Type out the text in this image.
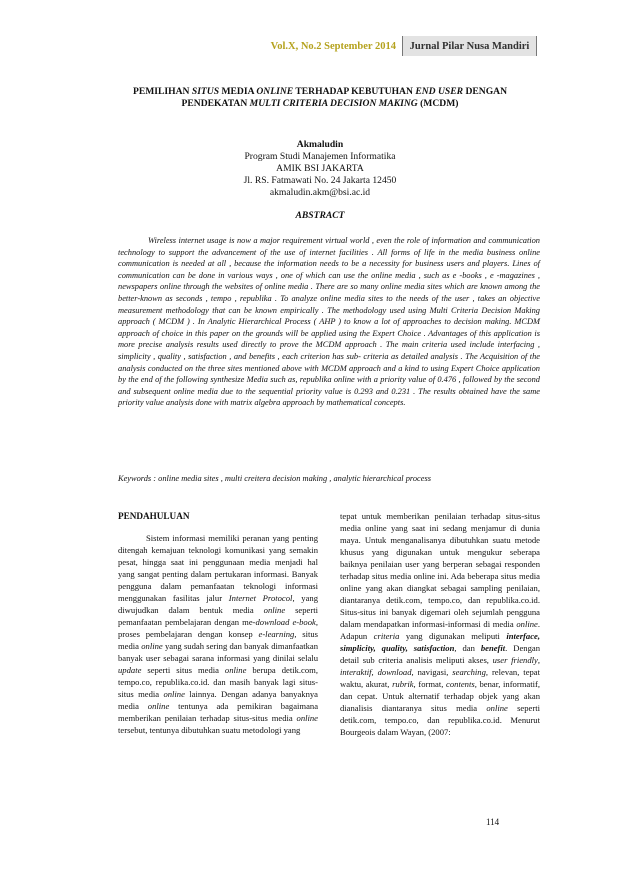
Vol.X, No.2 September 2014	Jurnal Pilar Nusa Mandiri
PEMILIHAN SITUS MEDIA ONLINE TERHADAP KEBUTUHAN END USER DENGAN
PENDEKATAN MULTI CRITERIA DECISION MAKING (MCDM)
Akmaludin
Program Studi Manajemen Informatika
AMIK BSI JAKARTA
Jl. RS. Fatmawati No. 24 Jakarta 12450
akmaludin.akm@bsi.ac.id
ABSTRACT
Wireless internet usage is now a major requirement virtual world , even the role of information and communication technology to support the advancement of the use of internet facilities . All forms of life in the media business online communication is needed at all , because the information needs to be a necessity for business users and players. Lines of communication can be done in various ways , one of which can use the online media , such as e -books , e -magazines , newspapers online through the websites of online media . There are so many online media sites which are known among the better-known as seconds , tempo , republika . To analyze online media sites to the needs of the user , takes an objective measurement methodology that can be known empirically . The methodology used using Multi Criteria Decision Making approach ( MCDM ) . In Analytic Hierarchical Process ( AHP ) to know a lot of approaches to decision making. MCDM approach of choice in this paper on the grounds will be applied using the Expert Choice . Advantages of this application is more precise analysis results used directly to prove the MCDM approach . The main criteria used include interfacing , simplicity , quality , satisfaction , and benefits , each criterion has sub- criteria as detailed analysis . The Acquisition of the analysis conducted on the three sites mentioned above with MCDM approach and a kind to using Expert Choice application by the end of the following synthesize Media such as, republika online with a priority value of 0.476 , followed by the second and subsequent online media due to the sequential priority value is 0.293 and 0.231 . The results obtained have the same priority value analysis done with matrix algebra approach by mathematical concepts.
Keywords : online media sites , multi creitera decision making , analytic hierarchical process
PENDAHULUAN
Sistem informasi memiliki peranan yang penting ditengah kemajuan teknologi komunikasi yang semakin pesat, hingga saat ini penggunaan media menjadi hal yang sangat penting dalam pertukaran informasi. Banyak pengguna dalam pemanfaatan teknologi informasi menggunakan fasilitas jalur Internet Protocol, yang diwujudkan dalam bentuk media online seperti pemanfaatan pembelajaran dengan me-download e-book, proses pembelajaran dengan konsep e-learning, situs media online yang sudah sering dan banyak dimanfaatkan banyak user sebagai sarana informasi yang dinilai selalu update seperti situs media online berupa detik.com, tempo.co, republika.co.id. dan masih banyak lagi situs-situs media online lainnya. Dengan adanya banyaknya media online tentunya ada pemikiran bagaimana memberikan penilaian terhadap situs-situs media online tersebut, tentunya dibutuhkan suatu metodologi yang
tepat untuk memberikan penilaian terhadap situs-situs media online yang saat ini sedang menjamur di dunia maya. Untuk menganalisanya dibutuhkan suatu metode khusus yang digunakan untuk mengukur seberapa baiknya penilaian user yang berperan sebagai responden terhadap situs media online ini. Ada beberapa situs media online yang akan diangkat sebagai sampling penilaian, diantaranya detik.com, tempo.co, dan republika.co.id. Situs-situs ini banyak digemari oleh sejumlah pengguna dalam mendapatkan informasi-informasi di media online. Adapun criteria yang digunakan meliputi interface, simplicity, quality, satisfaction, dan benefit. Dengan detail sub criteria analisis meliputi akses, user friendly, interaktif, download, navigasi, searching, relevan, tepat waktu, akurat, rubrik, format, contents, benar, informatif, dan cepat. Untuk alternatif terhadap objek yang akan dianalisis diantaranya situs media online seperti detik.com, tempo.co, dan republika.co.id. Menurut Bourgeois dalam Wayan, (2007:
114
